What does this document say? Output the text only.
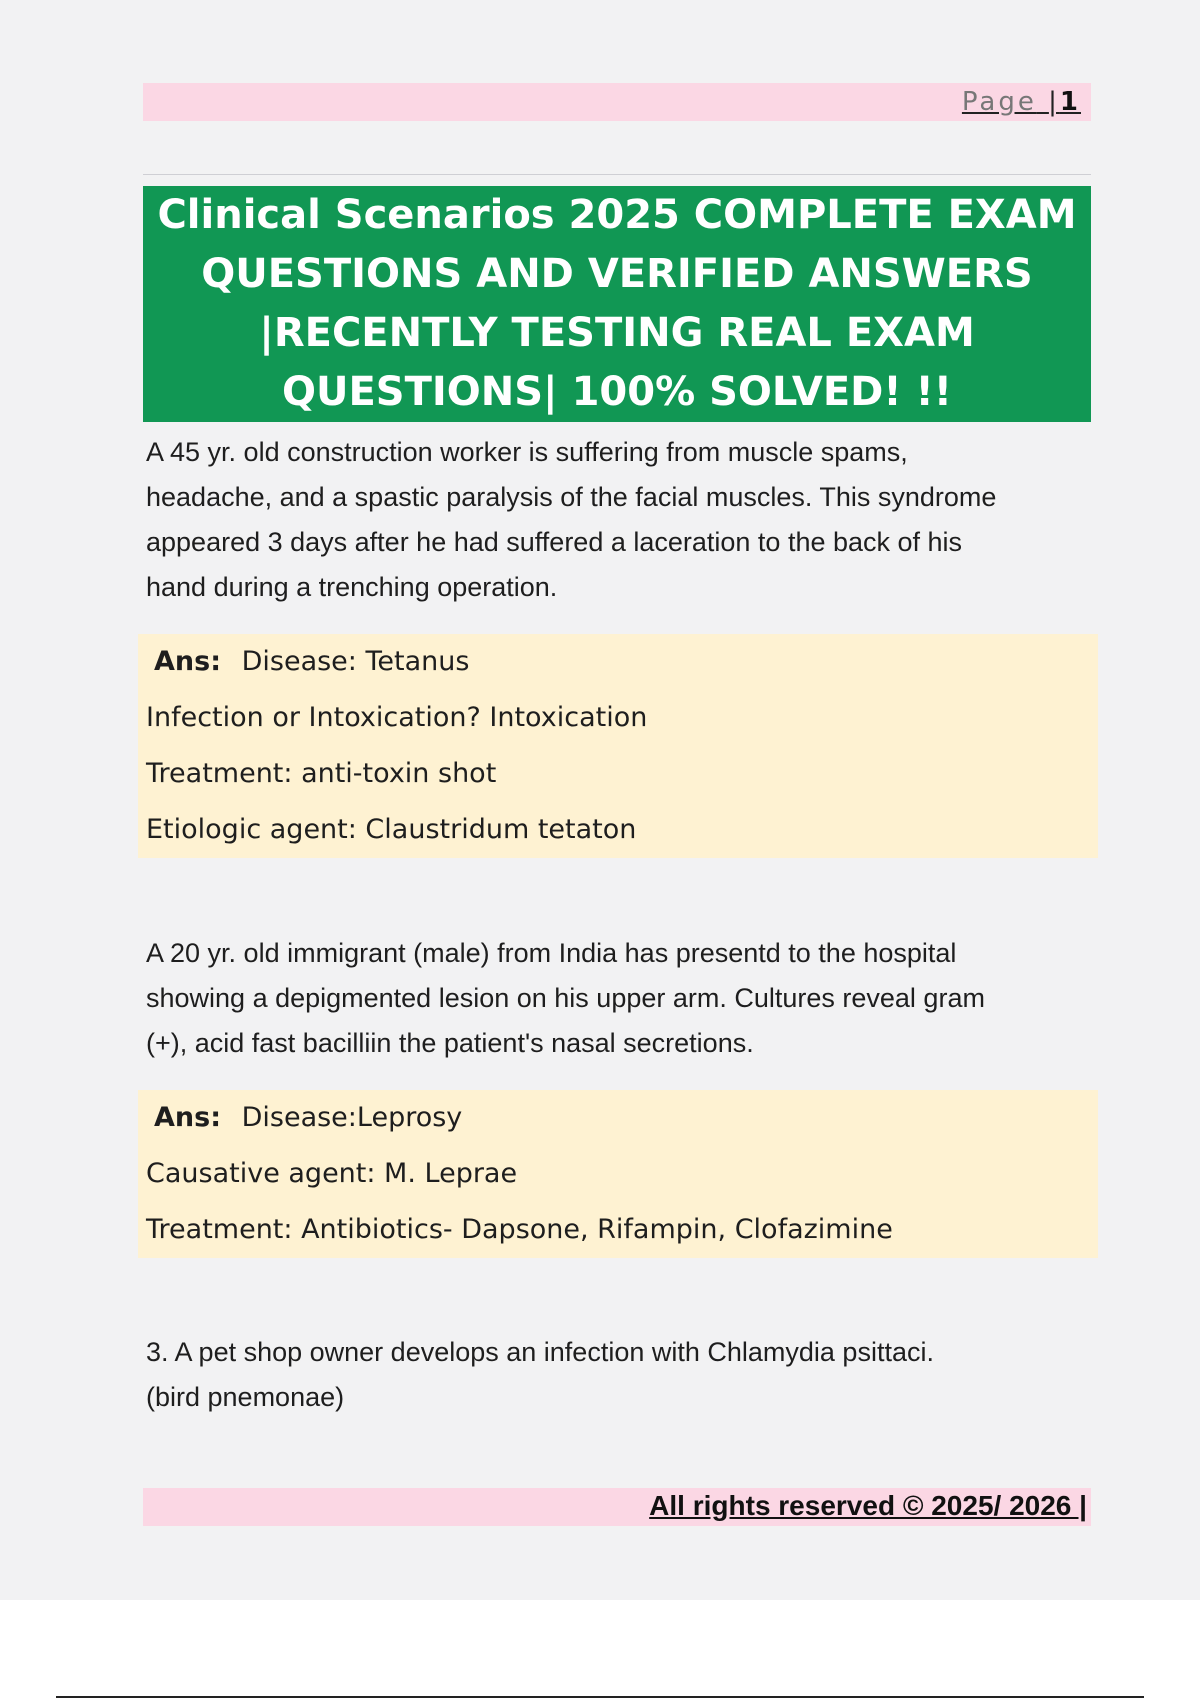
Page |1
Clinical Scenarios 2025 COMPLETE EXAM
QUESTIONS AND VERIFIED ANSWERS
|RECENTLY TESTING REAL EXAM
QUESTIONS| 100% SOLVED! !!
A 45 yr. old construction worker is suffering from muscle spams,
headache, and a spastic paralysis of the facial muscles. This syndrome
appeared 3 days after he had suffered a laceration to the back of his
hand during a trenching operation.
Ans: Disease: Tetanus
Infection or Intoxication? Intoxication
Treatment: anti-toxin shot
Etiologic agent: Claustridum tetaton
A 20 yr. old immigrant (male) from India has presentd to the hospital
showing a depigmented lesion on his upper arm. Cultures reveal gram
(+), acid fast bacilliin the patient's nasal secretions.
Ans: Disease:Leprosy
Causative agent: M. Leprae
Treatment: Antibiotics- Dapsone, Rifampin, Clofazimine
3. A pet shop owner develops an infection with Chlamydia psittaci.
(bird pnemonae)
All rights reserved © 2025/ 2026 |
